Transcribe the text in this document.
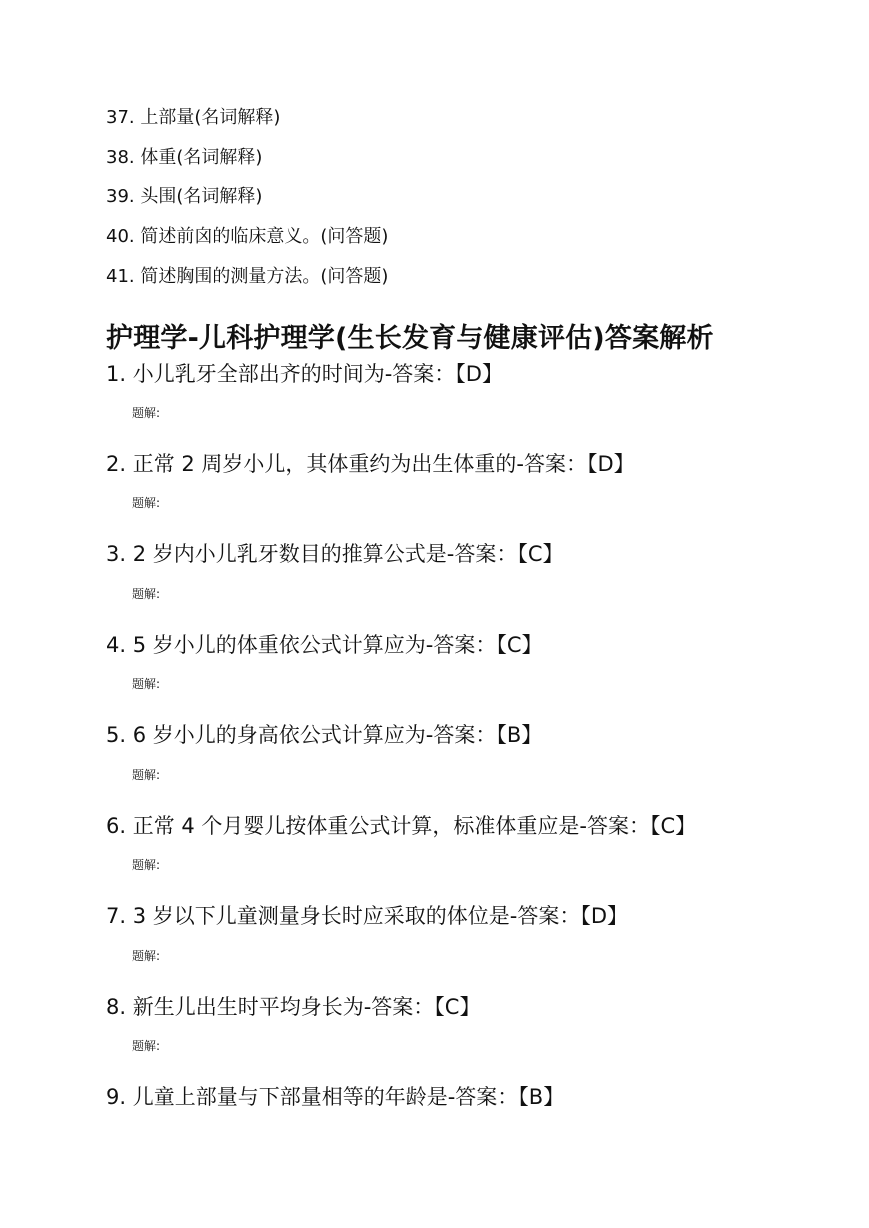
37. 上部量(名词解释)
38. 体重(名词解释)
39. 头围(名词解释)
40. 简述前囟的临床意义。(问答题)
41. 简述胸围的测量方法。(问答题)
护理学-儿科护理学(生长发育与健康评估)答案解析
1. 小儿乳牙全部出齐的时间为-答案：【D】
题解:
2. 正常 2 周岁小儿，其体重约为出生体重的-答案：【D】
题解:
3. 2 岁内小儿乳牙数目的推算公式是-答案：【C】
题解:
4. 5 岁小儿的体重依公式计算应为-答案：【C】
题解:
5. 6 岁小儿的身高依公式计算应为-答案：【B】
题解:
6. 正常 4 个月婴儿按体重公式计算，标准体重应是-答案：【C】
题解:
7. 3 岁以下儿童测量身长时应采取的体位是-答案：【D】
题解:
8. 新生儿出生时平均身长为-答案：【C】
题解:
9. 儿童上部量与下部量相等的年龄是-答案：【B】
